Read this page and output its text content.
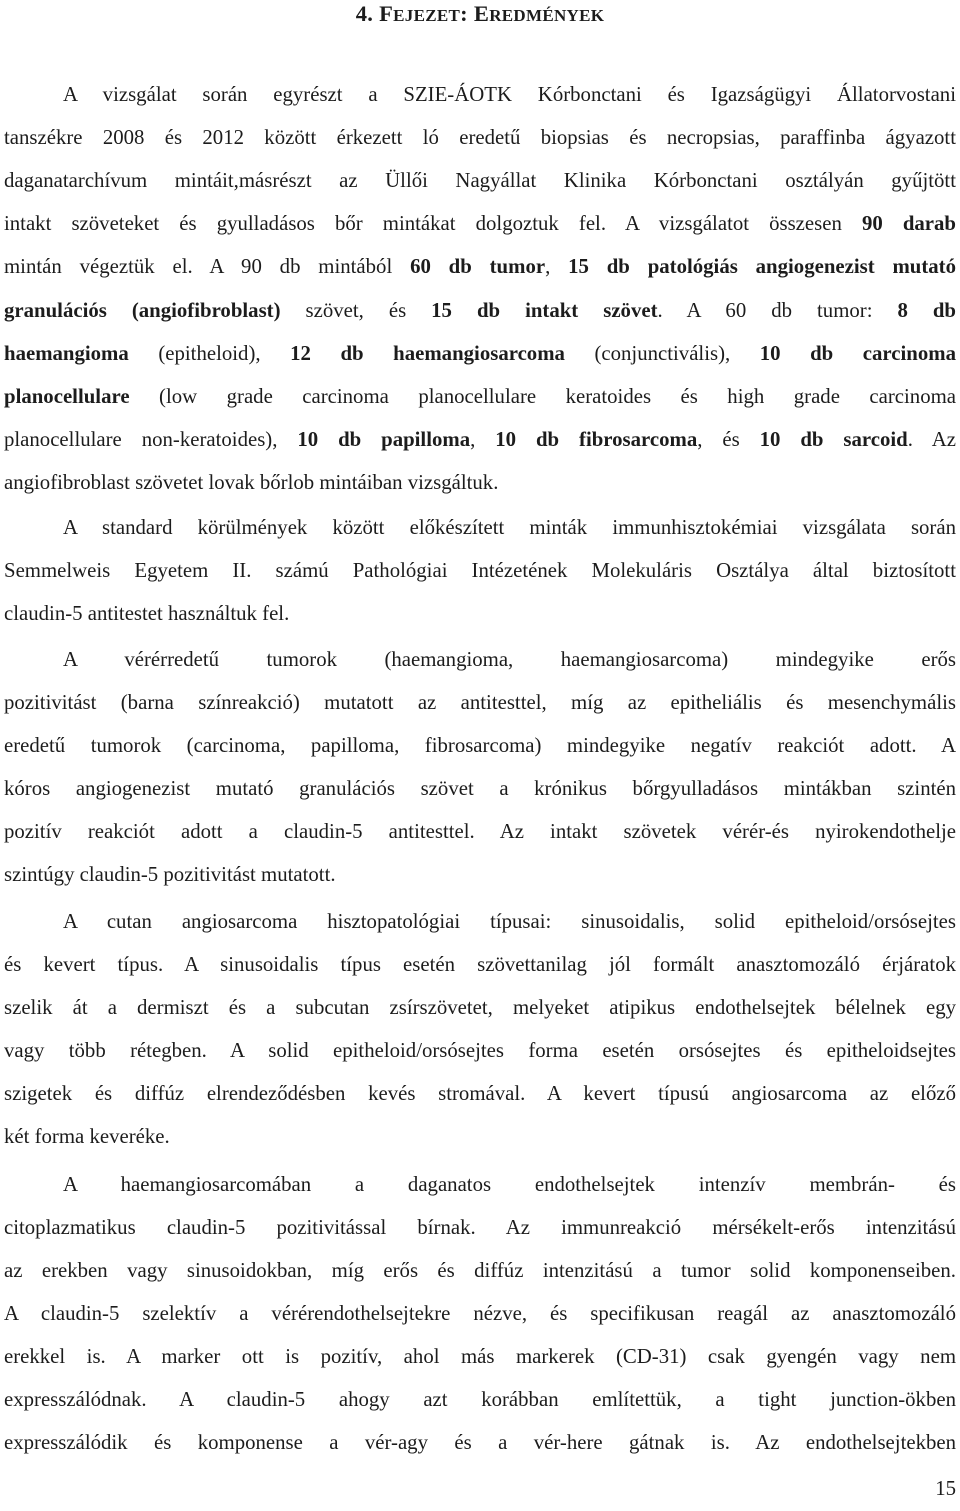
4. FEJEZET: EREDMÉNYEK

A vizsgálat során egyrészt a SZIE-ÁOTK Kórbonctani és Igazságügyi Állatorvostani

tanszékre 2008 és 2012 között érkezett ló eredetű biopsias és necropsias, paraffinba ágyazott

daganatarchívum mintáit,másrészt az Üllői Nagyállat Klinika Kórbonctani osztályán gyűjtött

intakt szöveteket és gyulladásos bőr mintákat dolgoztuk fel. A vizsgálatot összesen 90 darab

mintán végeztük el. A 90 db mintából 60 db tumor, 15 db patológiás angiogenezist mutató

granulációs (angiofibroblast) szövet, és 15 db intakt szövet. A 60 db tumor: 8 db

haemangioma (epitheloid), 12 db haemangiosarcoma (conjunctivális), 10 db carcinoma

planocellulare (low grade carcinoma planocellulare keratoides és high grade carcinoma

planocellulare non-keratoides), 10 db papilloma, 10 db fibrosarcoma, és 10 db sarcoid. Az

angiofibroblast szövetet lovak bőrlob mintáiban vizsgáltuk.

A standard körülmények között előkészített minták immunhisztokémiai vizsgálata során

Semmelweis Egyetem II. számú Pathológiai Intézetének Molekuláris Osztálya által biztosított

claudin-5 antitestet használtuk fel.

A vérérredetű tumorok (haemangioma, haemangiosarcoma) mindegyike erős

pozitivitást (barna színreakció) mutatott az antitesttel, míg az epitheliális és mesenchymális

eredetű tumorok (carcinoma, papilloma, fibrosarcoma) mindegyike negatív reakciót adott. A

kóros angiogenezist mutató granulációs szövet a krónikus bőrgyulladásos mintákban szintén

pozitív reakciót adott a claudin-5 antitesttel. Az intakt szövetek vérér-és nyirokendothelje

szintúgy claudin-5 pozitivitást mutatott.

A cutan angiosarcoma hisztopatológiai típusai: sinusoidalis, solid epitheloid/orsósejtes

és kevert típus. A sinusoidalis típus esetén szövettanilag jól formált anasztomozáló érjáratok

szelik át a dermiszt és a subcutan zsírszövetet, melyeket atipikus endothelsejtek bélelnek egy

vagy több rétegben. A solid epitheloid/orsósejtes forma esetén orsósejtes és epitheloidsejtes

szigetek és diffúz elrendeződésben kevés stromával. A kevert típusú angiosarcoma az előző

két forma keveréke.

A haemangiosarcomában a daganatos endothelsejtek intenzív membrán- és

citoplazmatikus claudin-5 pozitivitással bírnak. Az immunreakció mérsékelt-erős intenzitású

az erekben vagy sinusoidokban, míg erős és diffúz intenzitású a tumor solid komponenseiben.

A claudin-5 szelektív a vérérendothelsejtekre nézve, és specifikusan reagál az anasztomozáló

erekkel is. A marker ott is pozitív, ahol más markerek (CD-31) csak gyengén vagy nem

expresszálódnak. A claudin-5 ahogy azt korábban említettük, a tight junction-ökben

expresszálódik és komponense a vér-agy és a vér-here gátnak is. Az endothelsejtekben

15
